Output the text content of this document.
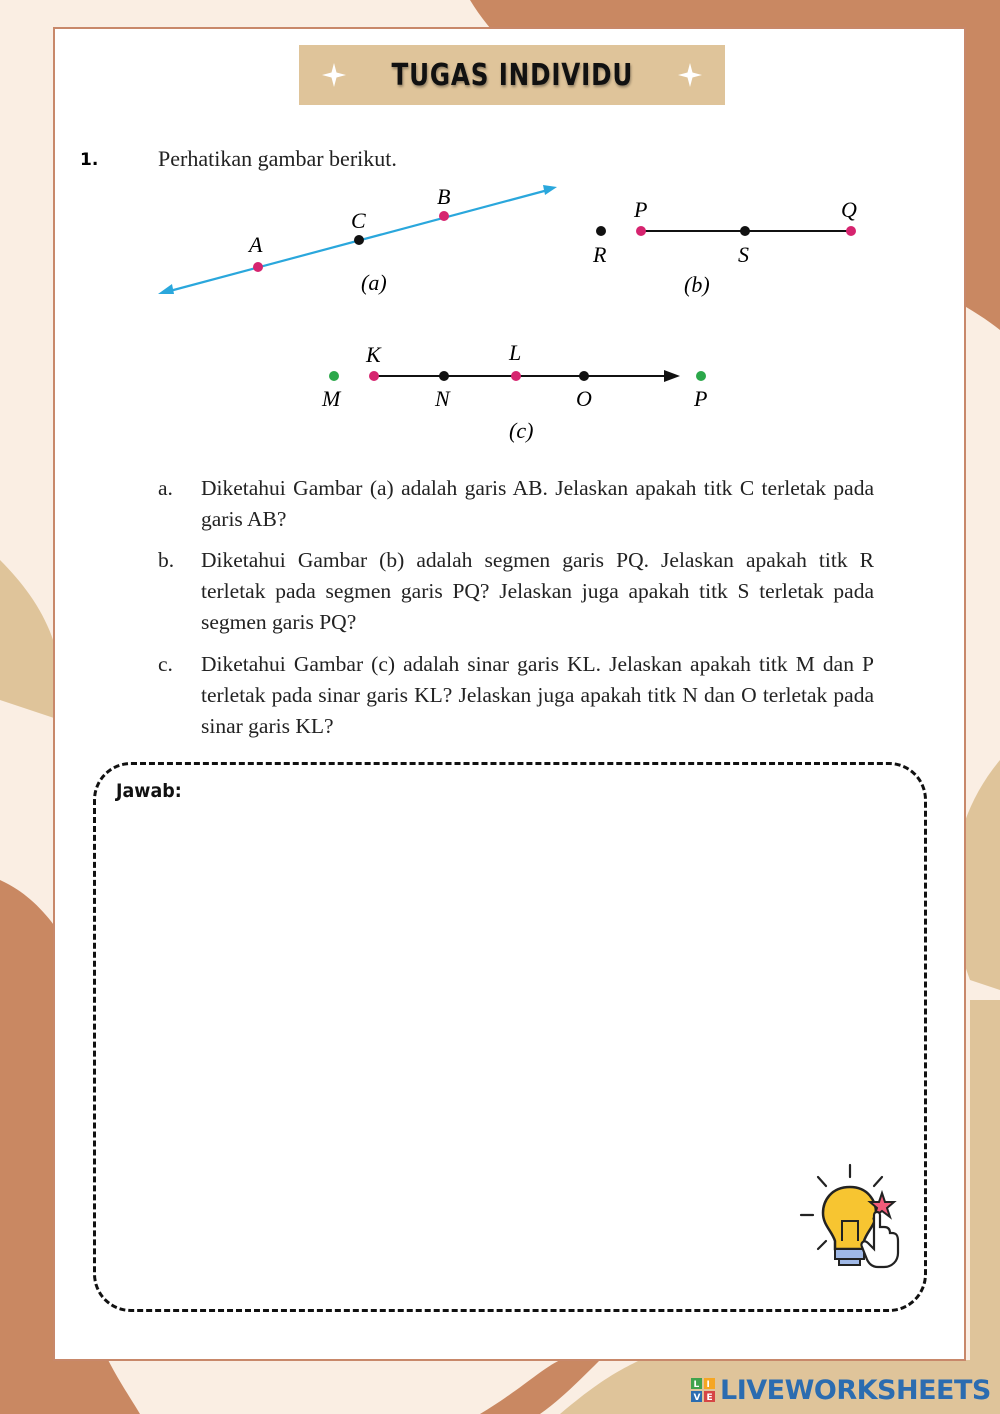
TUGAS INDIVIDU
1.	Perhatikan gambar berikut.
A
C
B
(a)
P	Q
R	S
(b)
K	L
M	N	O	P
(c)
a. Diketahui Gambar (a) adalah garis AB. Jelaskan apakah titk C terletak pada garis AB?
b. Diketahui Gambar (b) adalah segmen garis PQ. Jelaskan apakah titk R terletak pada segmen garis PQ? Jelaskan juga apakah titk S terletak pada segmen garis PQ?
c. Diketahui Gambar (c) adalah sinar garis KL. Jelaskan apakah titk M dan P terletak pada sinar garis KL? Jelaskan juga apakah titk N dan O terletak pada sinar garis KL?
Jawab:
L I
V E LIVEWORKSHEETS
